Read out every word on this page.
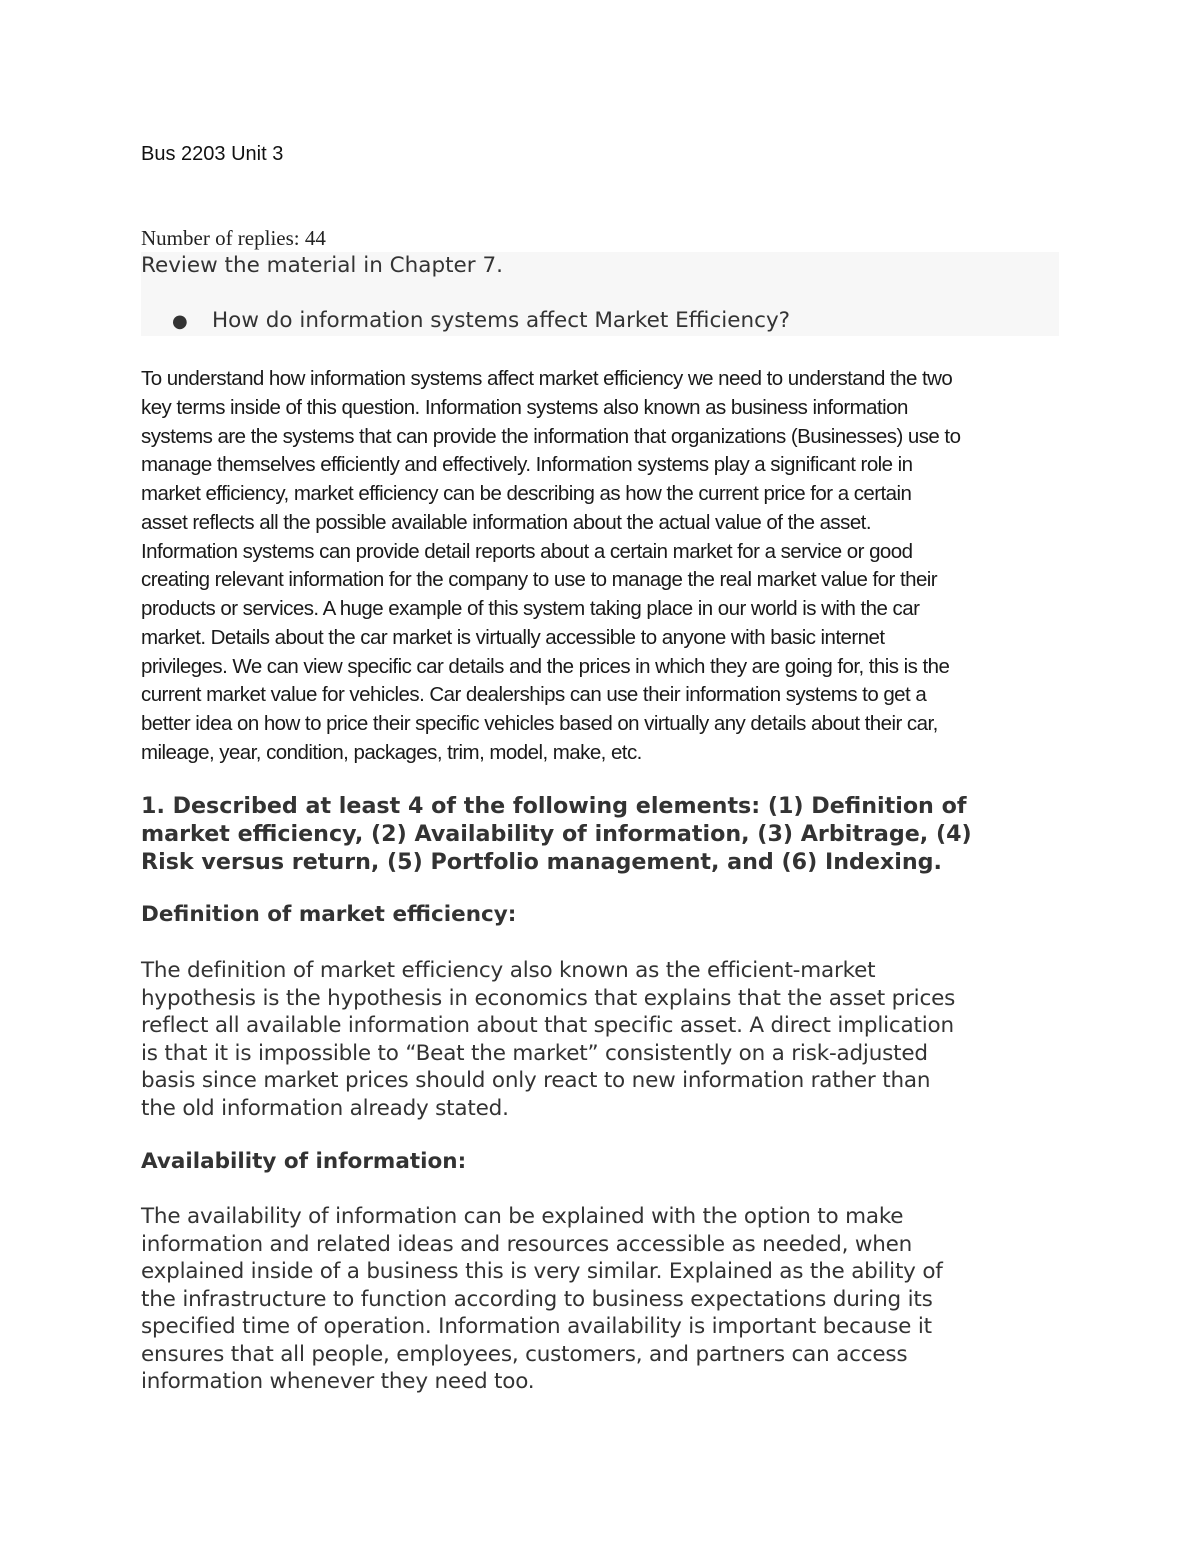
Bus 2203 Unit 3

Number of replies: 44

Review the material in Chapter 7.

●	How do information systems affect Market Efficiency?
To understand how information systems affect market efficiency we need to understand the two
key terms inside of this question. Information systems also known as business information
systems are the systems that can provide the information that organizations (Businesses) use to
manage themselves efficiently and effectively. Information systems play a significant role in
market efficiency, market efficiency can be describing as how the current price for a certain
asset reflects all the possible available information about the actual value of the asset.
Information systems can provide detail reports about a certain market for a service or good
creating relevant information for the company to use to manage the real market value for their
products or services. A huge example of this system taking place in our world is with the car
market. Details about the car market is virtually accessible to anyone with basic internet
privileges. We can view specific car details and the prices in which they are going for, this is the
current market value for vehicles. Car dealerships can use their information systems to get a
better idea on how to price their specific vehicles based on virtually any details about their car,
mileage, year, condition, packages, trim, model, make, etc.
1. Described at least 4 of the following elements: (1) Definition of
market efficiency, (2) Availability of information, (3) Arbitrage, (4)
Risk versus return, (5) Portfolio management, and (6) Indexing.

Definition of market efficiency:

The definition of market efficiency also known as the efficient-market
hypothesis is the hypothesis in economics that explains that the asset prices
reflect all available information about that specific asset. A direct implication
is that it is impossible to “Beat the market” consistently on a risk-adjusted
basis since market prices should only react to new information rather than
the old information already stated.

Availability of information:

The availability of information can be explained with the option to make
information and related ideas and resources accessible as needed, when
explained inside of a business this is very similar. Explained as the ability of
the infrastructure to function according to business expectations during its
specified time of operation. Information availability is important because it
ensures that all people, employees, customers, and partners can access
information whenever they need too.
